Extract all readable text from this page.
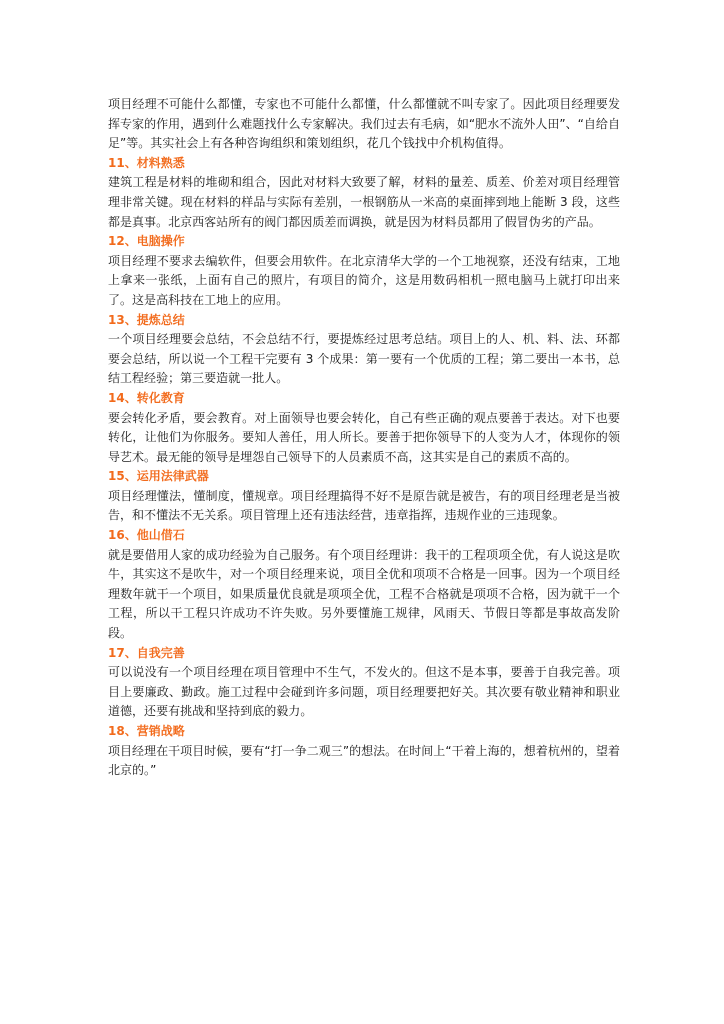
项目经理不可能什么都懂，专家也不可能什么都懂，什么都懂就不叫专家了。因此项目经理要发挥专家的作用，遇到什么难题找什么专家解决。我们过去有毛病，如“肥水不流外人田”、“自给自足”等。其实社会上有各种咨询组织和策划组织，花几个钱找中介机构值得。

11、材料熟悉

建筑工程是材料的堆砌和组合，因此对材料大致要了解，材料的量差、质差、价差对项目经理管理非常关键。现在材料的样品与实际有差别，一根钢筋从一米高的桌面摔到地上能断 3 段，这些都是真事。北京西客站所有的阀门都因质差而调换，就是因为材料员都用了假冒伪劣的产品。

12、电脑操作

项目经理不要求去编软件，但要会用软件。在北京清华大学的一个工地视察，还没有结束，工地上拿来一张纸，上面有自己的照片，有项目的简介，这是用数码相机一照电脑马上就打印出来了。这是高科技在工地上的应用。

13、提炼总结

一个项目经理要会总结，不会总结不行，要提炼经过思考总结。项目上的人、机、料、法、环都要会总结，所以说一个工程干完要有 3 个成果：第一要有一个优质的工程；第二要出一本书，总结工程经验；第三要造就一批人。

14、转化教育

要会转化矛盾，要会教育。对上面领导也要会转化，自己有些正确的观点要善于表达。对下也要转化，让他们为你服务。要知人善任，用人所长。要善于把你领导下的人变为人才，体现你的领导艺术。最无能的领导是埋怨自己领导下的人员素质不高，这其实是自己的素质不高的。

15、运用法律武器

项目经理懂法，懂制度，懂规章。项目经理搞得不好不是原告就是被告，有的项目经理老是当被告，和不懂法不无关系。项目管理上还有违法经营，违章指挥，违规作业的三违现象。

16、他山借石

就是要借用人家的成功经验为自己服务。有个项目经理讲：我干的工程项项全优，有人说这是吹牛，其实这不是吹牛，对一个项目经理来说，项目全优和项项不合格是一回事。因为一个项目经理数年就干一个项目，如果质量优良就是项项全优，工程不合格就是项项不合格，因为就干一个工程，所以干工程只许成功不许失败。另外要懂施工规律，风雨天、节假日等都是事故高发阶段。

17、自我完善

可以说没有一个项目经理在项目管理中不生气，不发火的。但这不是本事，要善于自我完善。项目上要廉政、勤政。施工过程中会碰到许多问题，项目经理要把好关。其次要有敬业精神和职业道德，还要有挑战和坚持到底的毅力。

18、营销战略

项目经理在干项目时候，要有“打一争二观三”的想法。在时间上“干着上海的，想着杭州的，望着北京的。”
